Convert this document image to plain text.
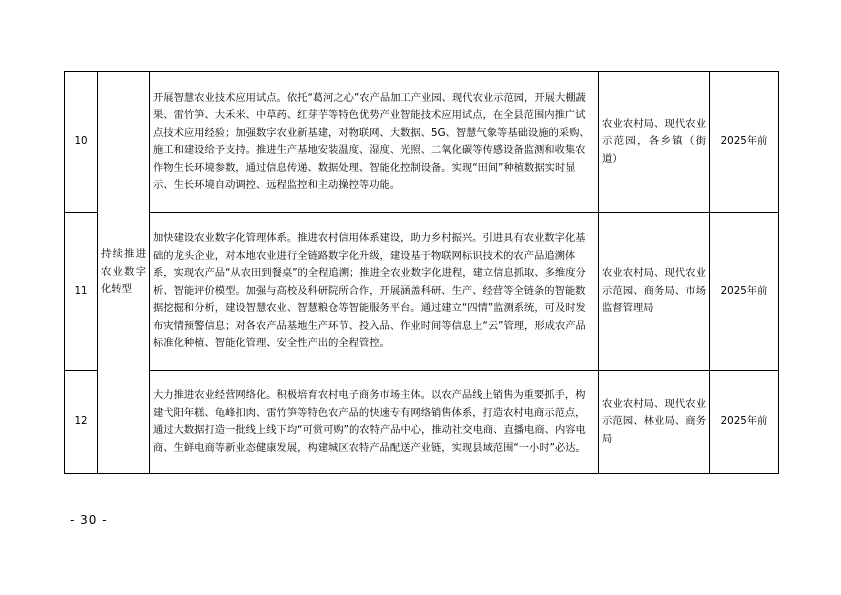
10	持续推进农业数字化转型	开展智慧农业技术应用试点。依托“葛河之心”农产品加工产业园、现代农业示范园，开展大棚蔬果、雷竹笋、大禾米、中草药、红芽芋等特色优势产业智能技术应用试点，在全县范围内推广试点技术应用经验；加强数字农业新基建，对物联网、大数据、5G、智慧气象等基础设施的采购、施工和建设给予支持。推进生产基地安装温度、湿度、光照、二氧化碳等传感设备监测和收集农作物生长环境参数，通过信息传递、数据处理、智能化控制设备。实现“田间”种植数据实时显示、生长环境自动调控、远程监控和主动操控等功能。	农业农村局、现代农业示范园，各乡镇（街道）	2025年前
11		加快建设农业数字化管理体系。推进农村信用体系建设，助力乡村振兴。引进具有农业数字化基础的龙头企业，对本地农业进行全链路数字化升级，建设基于物联网标识技术的农产品追溯体系，实现农产品“从农田到餐桌”的全程追溯；推进全农业数字化进程，建立信息抓取、多维度分析、智能评价模型。加强与高校及科研院所合作，开展涵盖科研、生产、经营等全链条的智能数据挖掘和分析，建设智慧农业、智慧粮仓等智能服务平台。通过建立“四情”监测系统，可及时发布灾情预警信息；对各农产品基地生产环节、投入品、作业时间等信息上“云”管理，形成农产品标准化种植、智能化管理、安全性产出的全程管控。	农业农村局、现代农业示范园、商务局、市场监督管理局	2025年前
12		大力推进农业经营网络化。积极培育农村电子商务市场主体。以农产品线上销售为重要抓手，构建弋阳年糕、龟峰扣肉、雷竹笋等特色农产品的快速专有网络销售体系，打造农村电商示范点，通过大数据打造一批线上线下均“可赏可购”的农特产品中心，推动社交电商、直播电商、内容电商、生鲜电商等新业态健康发展，构建城区农特产品配送产业链，实现县域范围“一小时”必达。	农业农村局、现代农业示范园、林业局、商务局	2025年前
- 30 -
